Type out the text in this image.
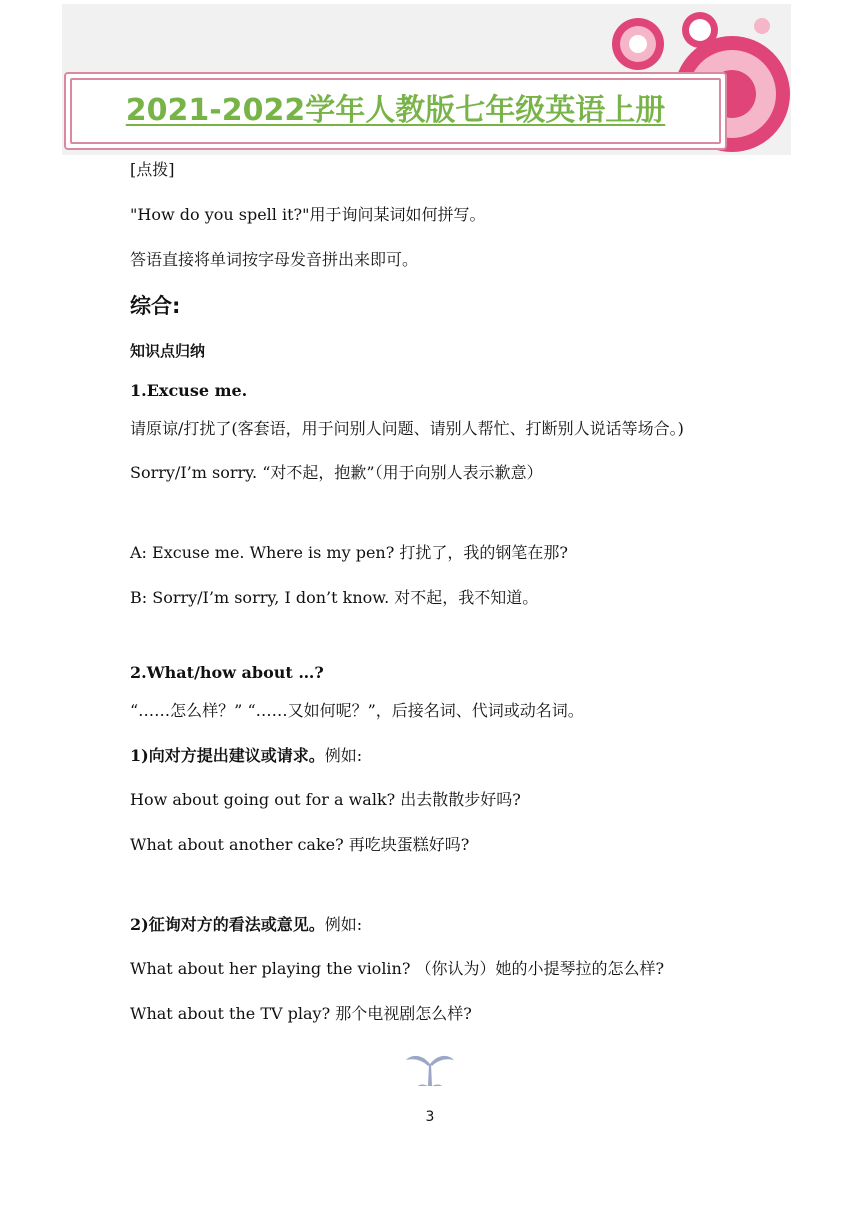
2021-2022学年人教版七年级英语上册

[点拨]

"How do you spell it?"用于询问某词如何拼写。

答语直接将单词按字母发音拼出来即可。

综合:

知识点归纳

1.Excuse me.

请原谅/打扰了(客套语，用于问别人问题、请别人帮忙、打断别人说话等场合。)

Sorry/I’m sorry. “对不起，抱歉”（用于向别人表示歉意）

A: Excuse me. Where is my pen? 打扰了，我的钢笔在那?

B: Sorry/I’m sorry, I don’t know. 对不起，我不知道。

2.What/how about …?

“……怎么样？” “……又如何呢？”，后接名词、代词或动名词。

1)向对方提出建议或请求。例如:

How about going out for a walk? 出去散散步好吗?

What about another cake? 再吃块蛋糕好吗?

2)征询对方的看法或意见。例如:

What about her playing the violin? （你认为）她的小提琴拉的怎么样?

What about the TV play? 那个电视剧怎么样?

3
